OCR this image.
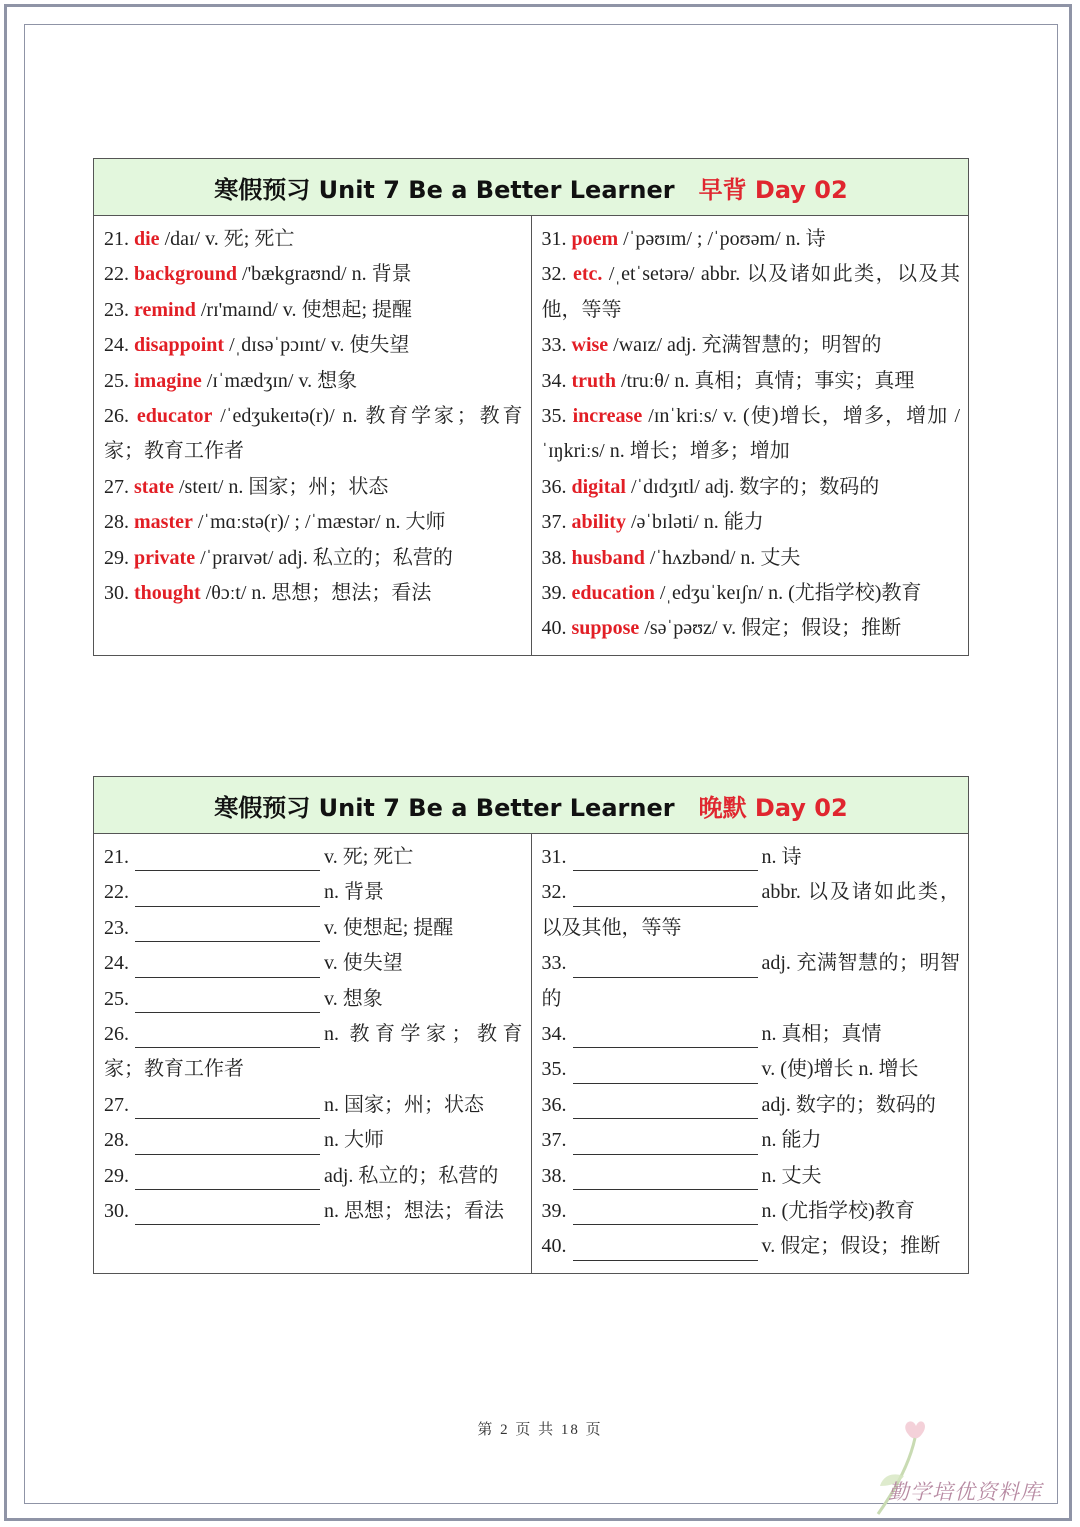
寒假预习 Unit 7 Be a Better Learner 早背 Day 02

21. die /daɪ/ v. 死; 死亡
22. background /'bækgraʊnd/ n. 背景
23. remind /rɪ'maɪnd/ v. 使想起; 提醒
24. disappoint /ˌdɪsəˈpɔɪnt/ v. 使失望
25. imagine /ɪˈmædʒɪn/ v. 想象
26. educator /ˈedʒukeɪtə(r)/ n. 教育学家；教育家；教育工作者
27. state /steɪt/ n. 国家；州；状态
28. master /ˈmɑːstə(r)/ ; /ˈmæstər/ n. 大师
29. private /ˈpraɪvət/ adj. 私立的；私营的
30. thought /θɔːt/ n. 思想；想法；看法

31. poem /ˈpəʊɪm/ ; /ˈpoʊəm/ n. 诗
32. etc. /ˌetˈsetərə/ abbr. 以及诸如此类，以及其他，等等
33. wise /waɪz/ adj. 充满智慧的；明智的
34. truth /truːθ/ n. 真相；真情；事实；真理
35. increase /ɪnˈkriːs/ v. (使)增长，增多，增加 /ˈɪŋkriːs/ n. 增长；增多；增加
36. digital /ˈdɪdʒɪtl/ adj. 数字的；数码的
37. ability /əˈbɪləti/ n. 能力
38. husband /ˈhʌzbənd/ n. 丈夫
39. education /ˌedʒuˈkeɪʃn/ n. (尤指学校)教育
40. suppose /səˈpəʊz/ v. 假定；假设；推断
寒假预习 Unit 7 Be a Better Learner 晚默 Day 02

21.	v. 死; 死亡
22.	n. 背景
23.	v. 使想起; 提醒
24.	v. 使失望
25.	v. 想象
26.	n. 教育学家；教育家；教育工作者
27.	n. 国家；州；状态
28.	n. 大师
29.	adj. 私立的；私营的
30.	n. 思想；想法；看法

31.	n. 诗
32.	abbr. 以及诸如此类，以及其他，等等
33.	adj. 充满智慧的；明智的
34.	n. 真相；真情
35.	v. (使)增长 n. 增长
36.	adj. 数字的；数码的
37.	n. 能力
38.	n. 丈夫
39.	n. (尤指学校)教育
40.	v. 假定；假设；推断
第 2 页 共 18 页
勤学培优资料库
